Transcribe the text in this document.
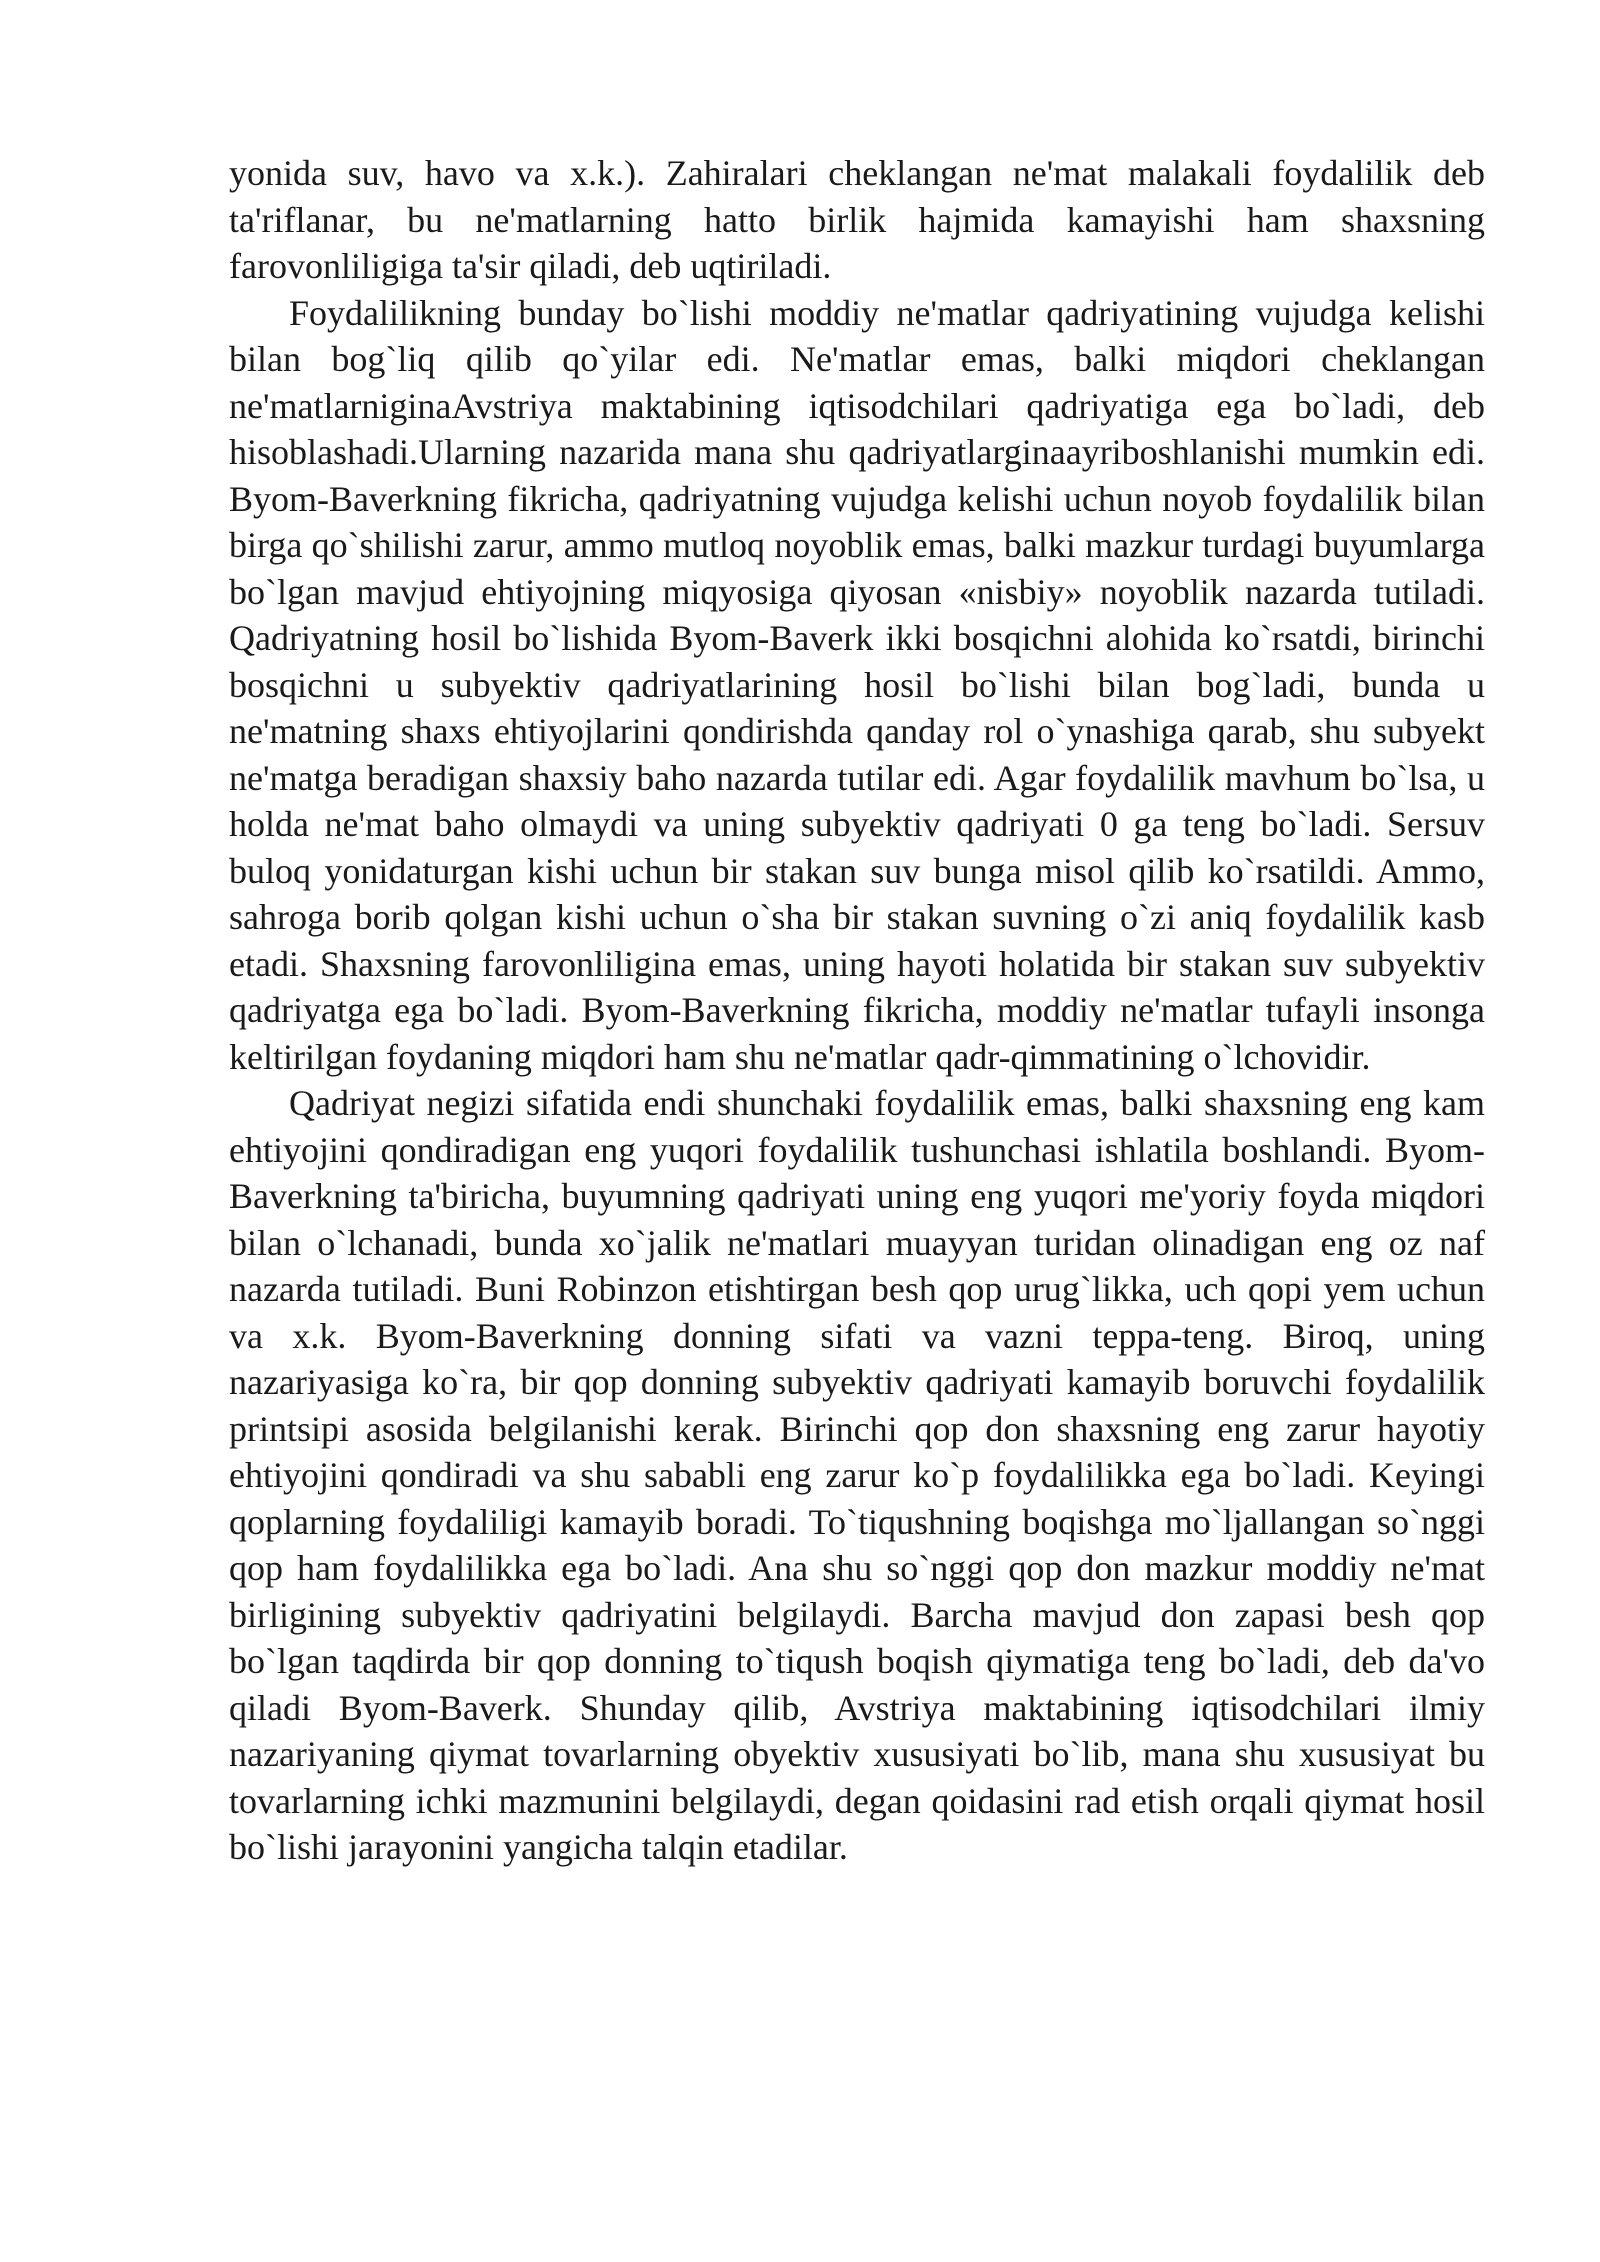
yonida suv, havo va x.k.). Zahiralari cheklangan ne'mat malakali foydalilik deb ta'riflanar, bu ne'matlarning hatto birlik hajmida kamayishi ham shaxsning farovonliligiga ta'sir qiladi, deb uqtiriladi.

Foydalilikning bunday bo`lishi moddiy ne'matlar qadriyatining vujudga kelishi bilan bog`liq qilib qo`yilar edi. Ne'matlar emas, balki miqdori cheklangan ne'matlarniginaAvstriya maktabining iqtisodchilari qadriyatiga ega bo`ladi, deb hisoblashadi.Ularning nazarida mana shu qadriyatlarginaayriboshlanishi mumkin edi. Byom-Baverkning fikricha, qadriyatning vujudga kelishi uchun noyob foydalilik bilan birga qo`shilishi zarur, ammo mutloq noyoblik emas, balki mazkur turdagi buyumlarga bo`lgan mavjud ehtiyojning miqyosiga qiyosan «nisbiy» noyoblik nazarda tutiladi. Qadriyatning hosil bo`lishida Byom-Baverk ikki bosqichni alohida ko`rsatdi, birinchi bosqichni u subyektiv qadriyatlarining hosil bo`lishi bilan bog`ladi, bunda u ne'matning shaxs ehtiyojlarini qondirishda qanday rol o`ynashiga qarab, shu subyekt ne'matga beradigan shaxsiy baho nazarda tutilar edi. Agar foydalilik mavhum bo`lsa, u holda ne'mat baho olmaydi va uning subyektiv qadriyati 0 ga teng bo`ladi. Sersuv buloq yonidaturgan kishi uchun bir stakan suv bunga misol qilib ko`rsatildi. Ammo, sahroga borib qolgan kishi uchun o`sha bir stakan suvning o`zi aniq foydalilik kasb etadi. Shaxsning farovonliligina emas, uning hayoti holatida bir stakan suv subyektiv qadriyatga ega bo`ladi. Byom-Baverkning fikricha, moddiy ne'matlar tufayli insonga keltirilgan foydaning miqdori ham shu ne'matlar qadr-qimmatining o`lchovidir.

Qadriyat negizi sifatida endi shunchaki foydalilik emas, balki shaxsning eng kam ehtiyojini qondiradigan eng yuqori foydalilik tushunchasi ishlatila boshlandi. Byom-Baverkning ta'biricha, buyumning qadriyati uning eng yuqori me'yoriy foyda miqdori bilan o`lchanadi, bunda xo`jalik ne'matlari muayyan turidan olinadigan eng oz naf nazarda tutiladi. Buni Robinzon etishtirgan besh qop urug`likka, uch qopi yem uchun va x.k. Byom-Baverkning donning sifati va vazni teppa-teng. Biroq, uning nazariyasiga ko`ra, bir qop donning subyektiv qadriyati kamayib boruvchi foydalilik printsipi asosida belgilanishi kerak. Birinchi qop don shaxsning eng zarur hayotiy ehtiyojini qondiradi va shu sababli eng zarur ko`p foydalilikka ega bo`ladi. Keyingi qoplarning foydaliligi kamayib boradi. To`tiqushning boqishga mo`ljallangan so`nggi qop ham foydalilikka ega bo`ladi. Ana shu so`nggi qop don mazkur moddiy ne'mat birligining subyektiv qadriyatini belgilaydi. Barcha mavjud don zapasi besh qop bo`lgan taqdirda bir qop donning to`tiqush boqish qiymatiga teng bo`ladi, deb da'vo qiladi Byom-Baverk. Shunday qilib, Avstriya maktabining iqtisodchilari ilmiy nazariyaning qiymat tovarlarning obyektiv xususiyati bo`lib, mana shu xususiyat bu tovarlarning ichki mazmunini belgilaydi, degan qoidasini rad etish orqali qiymat hosil bo`lishi jarayonini yangicha talqin etadilar.
